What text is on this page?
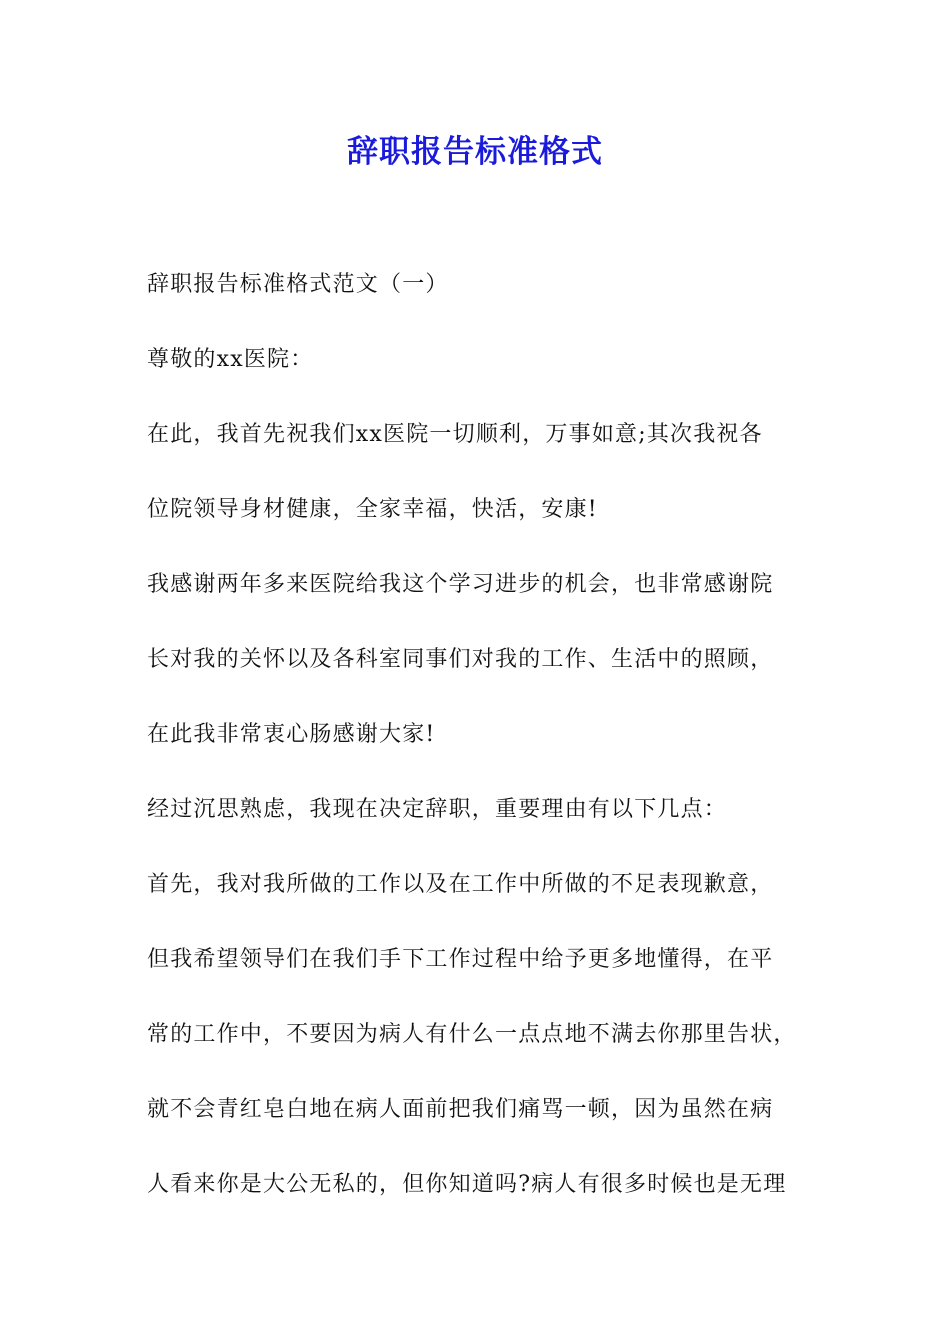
辞职报告标准格式
辞职报告标准格式范文（一）
尊敬的xx医院：
在此，我首先祝我们xx医院一切顺利，万事如意;其次我祝各
位院领导身材健康，全家幸福，快活，安康!
我感谢两年多来医院给我这个学习进步的机会，也非常感谢院
长对我的关怀以及各科室同事们对我的工作、生活中的照顾，
在此我非常衷心肠感谢大家!
经过沉思熟虑，我现在决定辞职，重要理由有以下几点：
首先，我对我所做的工作以及在工作中所做的不足表现歉意，
但我希望领导们在我们手下工作过程中给予更多地懂得，在平
常的工作中，不要因为病人有什么一点点地不满去你那里告状，
就不会青红皂白地在病人面前把我们痛骂一顿，因为虽然在病
人看来你是大公无私的，但你知道吗?病人有很多时候也是无理
